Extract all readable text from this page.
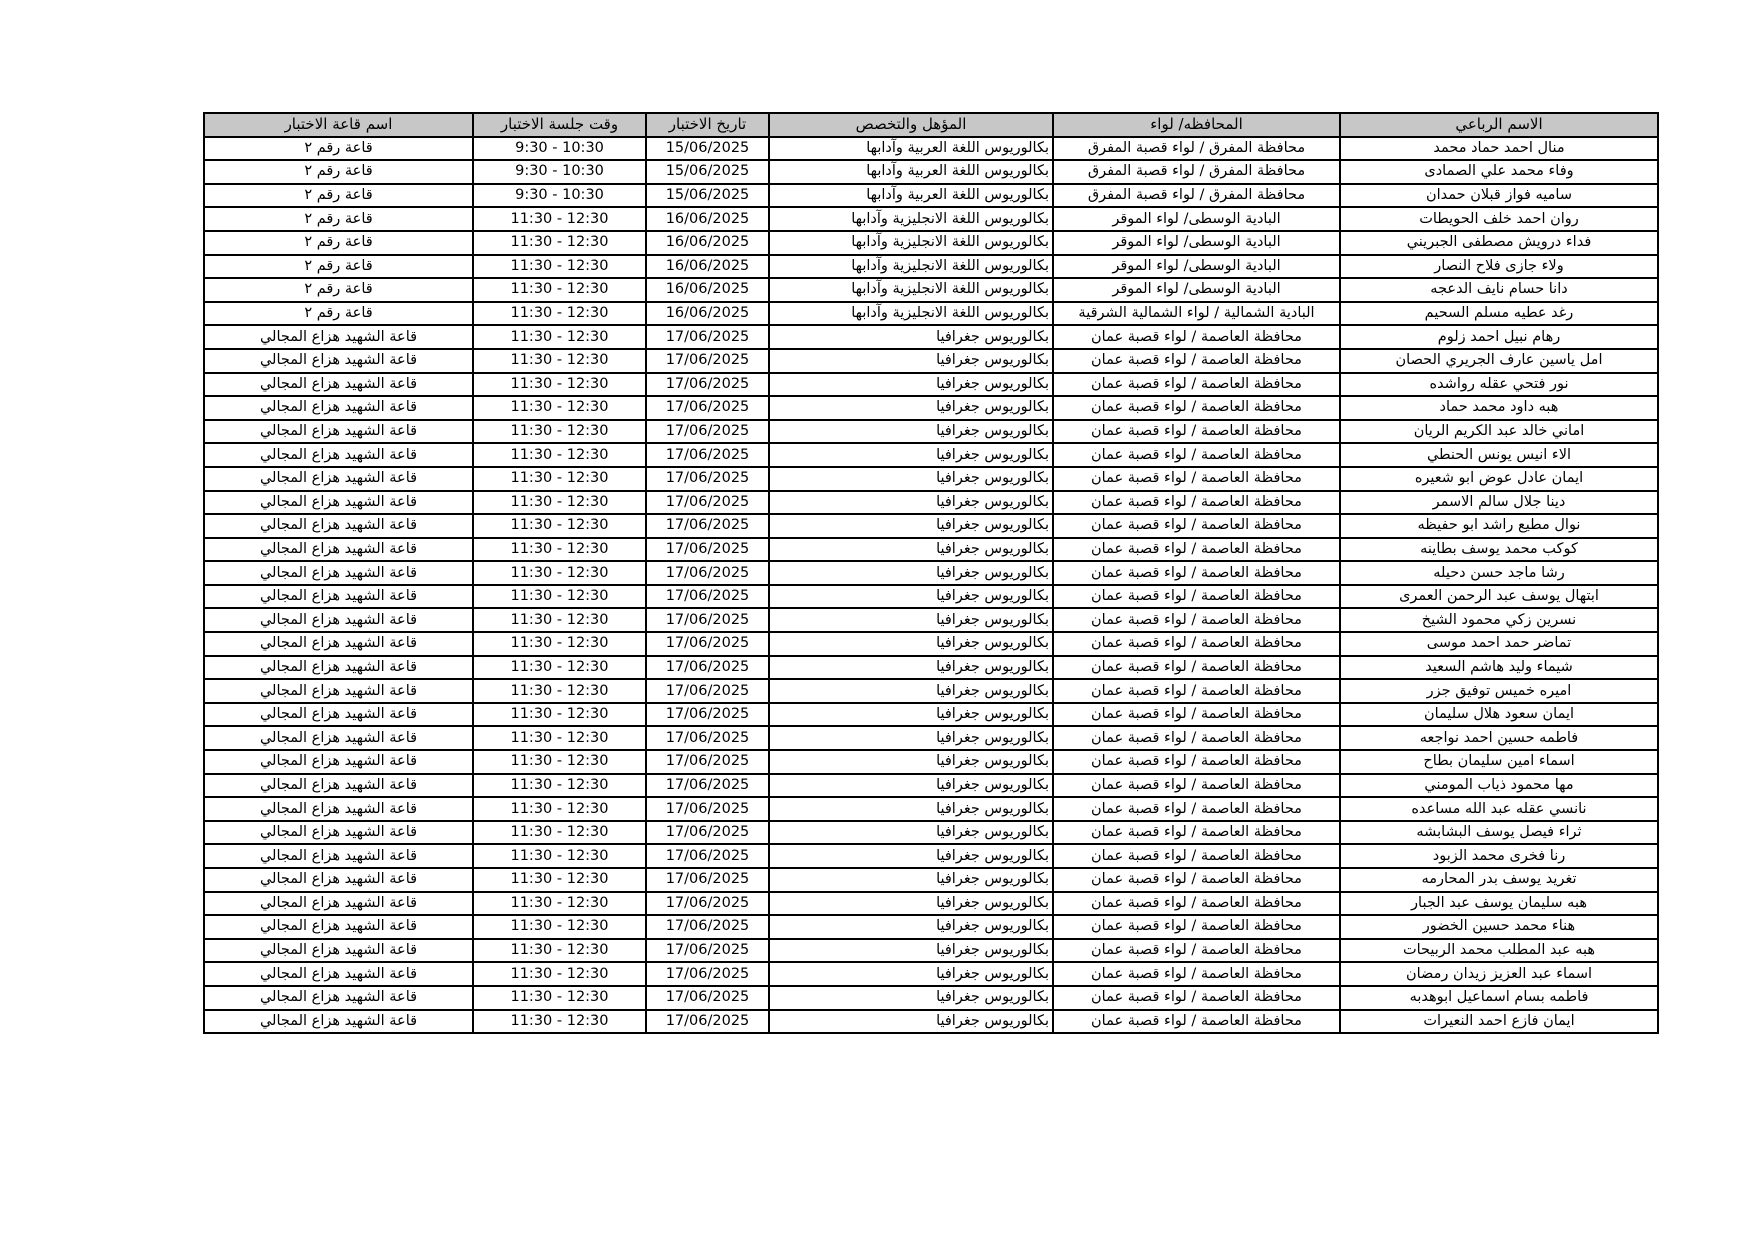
الاسم الرباعي	المحافظه/ لواء	المؤهل والتخصص	تاريخ الاختبار	وقت جلسة الاختبار	اسم قاعة الاختبار
منال احمد حماد محمد	محافظة المفرق / لواء قصبة المفرق	بكالوريوس اللغة العربية وآدابها	15/06/2025	9:30 - 10:30	قاعة رقم ٢
وفاء محمد علي الصمادى	محافظة المفرق / لواء قصبة المفرق	بكالوريوس اللغة العربية وآدابها	15/06/2025	9:30 - 10:30	قاعة رقم ٢
ساميه فواز قبلان حمدان	محافظة المفرق / لواء قصبة المفرق	بكالوريوس اللغة العربية وآدابها	15/06/2025	9:30 - 10:30	قاعة رقم ٢
روان احمد خلف الحويطات	البادية الوسطى/ لواء الموقر	بكالوريوس اللغة الانجليزية وآدابها	16/06/2025	11:30 - 12:30	قاعة رقم ٢
فداء درويش مصطفى الجبريني	البادية الوسطى/ لواء الموقر	بكالوريوس اللغة الانجليزية وآدابها	16/06/2025	11:30 - 12:30	قاعة رقم ٢
ولاء جازى فلاح النصار	البادية الوسطى/ لواء الموقر	بكالوريوس اللغة الانجليزية وآدابها	16/06/2025	11:30 - 12:30	قاعة رقم ٢
دانا حسام نايف الدعجه	البادية الوسطى/ لواء الموقر	بكالوريوس اللغة الانجليزية وآدابها	16/06/2025	11:30 - 12:30	قاعة رقم ٢
رغد عطيه مسلم السحيم	البادية الشمالية / لواء الشمالية الشرقية	بكالوريوس اللغة الانجليزية وآدابها	16/06/2025	11:30 - 12:30	قاعة رقم ٢
رهام نبيل احمد زلوم	محافظة العاصمة / لواء قصبة عمان	بكالوريوس جغرافيا	17/06/2025	11:30 - 12:30	قاعة الشهيد هزاع المجالي
امل ياسين عارف الجريري الحصان	محافظة العاصمة / لواء قصبة عمان	بكالوريوس جغرافيا	17/06/2025	11:30 - 12:30	قاعة الشهيد هزاع المجالي
نور فتحي عقله رواشده	محافظة العاصمة / لواء قصبة عمان	بكالوريوس جغرافيا	17/06/2025	11:30 - 12:30	قاعة الشهيد هزاع المجالي
هبه داود محمد حماد	محافظة العاصمة / لواء قصبة عمان	بكالوريوس جغرافيا	17/06/2025	11:30 - 12:30	قاعة الشهيد هزاع المجالي
اماني خالد عبد الكريم الريان	محافظة العاصمة / لواء قصبة عمان	بكالوريوس جغرافيا	17/06/2025	11:30 - 12:30	قاعة الشهيد هزاع المجالي
الاء انيس يونس الحنطي	محافظة العاصمة / لواء قصبة عمان	بكالوريوس جغرافيا	17/06/2025	11:30 - 12:30	قاعة الشهيد هزاع المجالي
ايمان عادل عوض ابو شعيره	محافظة العاصمة / لواء قصبة عمان	بكالوريوس جغرافيا	17/06/2025	11:30 - 12:30	قاعة الشهيد هزاع المجالي
دينا جلال سالم الاسمر	محافظة العاصمة / لواء قصبة عمان	بكالوريوس جغرافيا	17/06/2025	11:30 - 12:30	قاعة الشهيد هزاع المجالي
نوال مطيع راشد ابو حفيظه	محافظة العاصمة / لواء قصبة عمان	بكالوريوس جغرافيا	17/06/2025	11:30 - 12:30	قاعة الشهيد هزاع المجالي
كوكب محمد يوسف بطاينه	محافظة العاصمة / لواء قصبة عمان	بكالوريوس جغرافيا	17/06/2025	11:30 - 12:30	قاعة الشهيد هزاع المجالي
رشا ماجد حسن دحيله	محافظة العاصمة / لواء قصبة عمان	بكالوريوس جغرافيا	17/06/2025	11:30 - 12:30	قاعة الشهيد هزاع المجالي
ابتهال يوسف عبد الرحمن العمرى	محافظة العاصمة / لواء قصبة عمان	بكالوريوس جغرافيا	17/06/2025	11:30 - 12:30	قاعة الشهيد هزاع المجالي
نسرين زكي محمود الشيخ	محافظة العاصمة / لواء قصبة عمان	بكالوريوس جغرافيا	17/06/2025	11:30 - 12:30	قاعة الشهيد هزاع المجالي
تماضر حمد احمد موسى	محافظة العاصمة / لواء قصبة عمان	بكالوريوس جغرافيا	17/06/2025	11:30 - 12:30	قاعة الشهيد هزاع المجالي
شيماء وليد هاشم السعيد	محافظة العاصمة / لواء قصبة عمان	بكالوريوس جغرافيا	17/06/2025	11:30 - 12:30	قاعة الشهيد هزاع المجالي
اميره خميس توفيق جزر	محافظة العاصمة / لواء قصبة عمان	بكالوريوس جغرافيا	17/06/2025	11:30 - 12:30	قاعة الشهيد هزاع المجالي
ايمان سعود هلال سليمان	محافظة العاصمة / لواء قصبة عمان	بكالوريوس جغرافيا	17/06/2025	11:30 - 12:30	قاعة الشهيد هزاع المجالي
فاطمه حسين احمد نواجعه	محافظة العاصمة / لواء قصبة عمان	بكالوريوس جغرافيا	17/06/2025	11:30 - 12:30	قاعة الشهيد هزاع المجالي
اسماء امين سليمان بطاح	محافظة العاصمة / لواء قصبة عمان	بكالوريوس جغرافيا	17/06/2025	11:30 - 12:30	قاعة الشهيد هزاع المجالي
مها محمود ذياب المومني	محافظة العاصمة / لواء قصبة عمان	بكالوريوس جغرافيا	17/06/2025	11:30 - 12:30	قاعة الشهيد هزاع المجالي
نانسي عقله عبد الله مساعده	محافظة العاصمة / لواء قصبة عمان	بكالوريوس جغرافيا	17/06/2025	11:30 - 12:30	قاعة الشهيد هزاع المجالي
ثراء فيصل يوسف البشابشه	محافظة العاصمة / لواء قصبة عمان	بكالوريوس جغرافيا	17/06/2025	11:30 - 12:30	قاعة الشهيد هزاع المجالي
رنا فخرى محمد الزبود	محافظة العاصمة / لواء قصبة عمان	بكالوريوس جغرافيا	17/06/2025	11:30 - 12:30	قاعة الشهيد هزاع المجالي
تغريد يوسف بدر المحارمه	محافظة العاصمة / لواء قصبة عمان	بكالوريوس جغرافيا	17/06/2025	11:30 - 12:30	قاعة الشهيد هزاع المجالي
هبه سليمان يوسف عبد الجبار	محافظة العاصمة / لواء قصبة عمان	بكالوريوس جغرافيا	17/06/2025	11:30 - 12:30	قاعة الشهيد هزاع المجالي
هناء محمد حسين الخضور	محافظة العاصمة / لواء قصبة عمان	بكالوريوس جغرافيا	17/06/2025	11:30 - 12:30	قاعة الشهيد هزاع المجالي
هبه عبد المطلب محمد الربيحات	محافظة العاصمة / لواء قصبة عمان	بكالوريوس جغرافيا	17/06/2025	11:30 - 12:30	قاعة الشهيد هزاع المجالي
اسماء عبد العزيز زيدان رمضان	محافظة العاصمة / لواء قصبة عمان	بكالوريوس جغرافيا	17/06/2025	11:30 - 12:30	قاعة الشهيد هزاع المجالي
فاطمه بسام اسماعيل ابوهدبه	محافظة العاصمة / لواء قصبة عمان	بكالوريوس جغرافيا	17/06/2025	11:30 - 12:30	قاعة الشهيد هزاع المجالي
ايمان فازع احمد النعيرات	محافظة العاصمة / لواء قصبة عمان	بكالوريوس جغرافيا	17/06/2025	11:30 - 12:30	قاعة الشهيد هزاع المجالي
